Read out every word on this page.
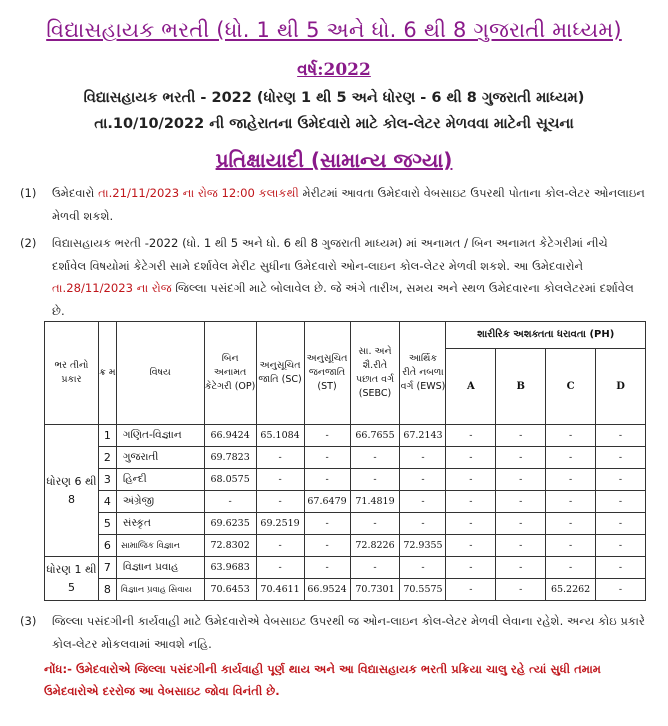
વિદ્યાસહાયક ભરતી (ધો. 1 થી 5 અને ધો. 6 થી 8 ગુજરાતી માધ્યમ)
વર્ષ:2022
વિદ્યાસહાયક ભરતી - 2022 (ધોરણ 1 થી 5 અને ધોરણ - 6 થી 8 ગુજરાતી માધ્યમ)
તા.10/10/2022 ની જાહેરાતના ઉમેદવારો માટે કોલ-લેટર મેળવવા માટેની સૂચના
પ્રતિક્ષાયાદી (સામાન્ય જગ્યા)
(1) ઉમેદવારો તા.21/11/2023 ના રોજ 12:00 કલાકથી મેરીટમાં આવતા ઉમેદવારો વેબસાઇટ ઉપરથી પોતાના કોલ-લેટર ઓનલાઇન મેળવી શકશે.
(2) વિદ્યાસહાયક ભરતી -2022 (ધો. 1 થી 5 અને ધો. 6 થી 8 ગુજરાતી માધ્યમ) માં અનામત / બિન અનામત કેટેગરીમાં નીચે દર્શાવેલ વિષયોમાં કેટેગરી સામે દર્શાવેલ મેરીટ સુધીના ઉમેદવારો ઓન-લાઇન કોલ-લેટર મેળવી શકશે. આ ઉમેદવારોને તા.28/11/2023 ના રોજ જિલ્લા પસંદગી માટે બોલાવેલ છે. જે અંગે તારીખ, સમય અને સ્થળ ઉમેદવારના કોલલેટરમાં દર્શાવેલ છે.
ભર તીનો પ્રકાર	ક્ર મ	વિષય	બિન અનામત કેટેગરી (OP)	અનુસૂચિત જાતિ (SC)	અનુસૂચિત જનજાતિ (ST)	સા. અને શૈ.રીતે પછાત વર્ગ (SEBC)	આર્થિક રીતે નબળા વર્ગ (EWS)	શારીરિક અશક્તતા ધરાવતા (PH)			
								A	B	C	D
ધોરણ 6 થી 8	1	ગણિત-વિજ્ઞાન	66.9424	65.1084	-	66.7655	67.2143	-	-	-	-
	2	ગુજરાતી	69.7823	-	-	-	-	-	-	-	-
	3	હિન્દી	68.0575	-	-	-	-	-	-	-	-
	4	અંગ્રેજી	-	-	67.6479	71.4819	-	-	-	-	-
	5	સંસ્કૃત	69.6235	69.2519	-	-	-	-	-	-	-
	6	સામાજિક વિજ્ઞાન	72.8302	-	-	72.8226	72.9355	-	-	-	-
ધોરણ 1 થી 5	7	વિજ્ઞાન પ્રવાહ	63.9683	-	-	-	-	-	-	-	-
	8	વિજ્ઞાન પ્રવાહ સિવાય	70.6453	70.4611	66.9524	70.7301	70.5575	-	-	65.2262	-
(3) જિલ્લા પસંદગીની કાર્યવાહી માટે ઉમેદવારોએ વેબસાઇટ ઉપરથી જ ઓન-લાઇન કોલ-લેટર મેળવી લેવાના રહેશે. અન્ય કોઇ પ્રકારે કોલ-લેટર મોકલવામાં આવશે નહિ.
નોંધ:- ઉમેદવારોએ જિલ્લા પસંદગીની કાર્યવાહી પૂર્ણ થાય અને આ વિદ્યાસહાયક ભરતી પ્રક્રિયા ચાલુ રહે ત્યાં સુધી તમામ ઉમેદવારોએ દરરોજ આ વેબસાઇટ જોવા વિનંતી છે.
